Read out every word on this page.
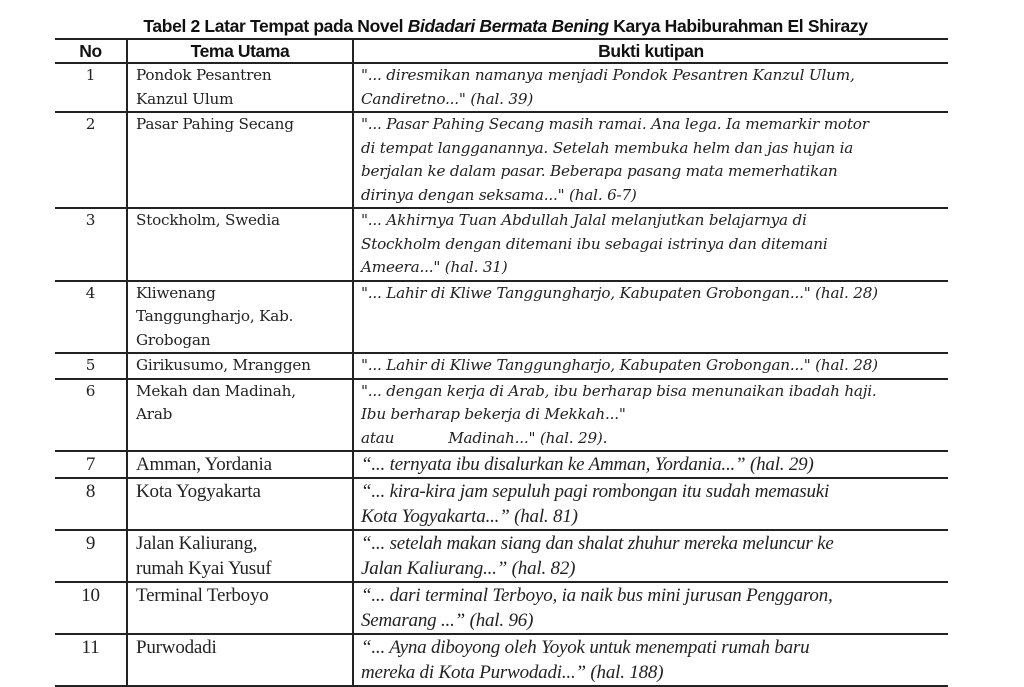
Tabel 2 Latar Tempat pada Novel Bidadari Bermata Bening Karya Habiburahman El Shirazy
No	Tema Utama	Bukti kutipan
1	Pondok Pesantren
Kanzul Ulum	"... diresmikan namanya menjadi Pondok Pesantren Kanzul Ulum,
Candiretno..." (hal. 39)

2	Pasar Pahing Secang	"... Pasar Pahing Secang masih ramai. Ana lega. Ia memarkir motor
di tempat langganannya. Setelah membuka helm dan jas hujan ia
berjalan ke dalam pasar. Beberapa pasang mata memerhatikan
dirinya dengan seksama..." (hal. 6-7)

3	Stockholm, Swedia	"... Akhirnya Tuan Abdullah Jalal melanjutkan belajarnya di
Stockholm dengan ditemani ibu sebagai istrinya dan ditemani
Ameera..." (hal. 31)

4	Kliwenang
Tanggungharjo, Kab.
Grobogan	"... Lahir di Kliwe Tanggungharjo, Kabupaten Grobongan..." (hal. 28)

5	Girikusumo, Mranggen	"... Lahir di Kliwe Tanggungharjo, Kabupaten Grobongan..." (hal. 28)

6	Mekah dan Madinah,
Arab	"... dengan kerja di Arab, ibu berharap bisa menunaikan ibadah haji.
Ibu berharap bekerja di Mekkah..."
atau Madinah..." (hal. 29).

7	Amman, Yordania	“... ternyata ibu disalurkan ke Amman, Yordania...” (hal. 29)

8	Kota Yogyakarta	“... kira-kira jam sepuluh pagi rombongan itu sudah memasuki
Kota Yogyakarta...” (hal. 81)

9	Jalan Kaliurang,
rumah Kyai Yusuf	“... setelah makan siang dan shalat zhuhur mereka meluncur ke
Jalan Kaliurang...” (hal. 82)

10	Terminal Terboyo	“... dari terminal Terboyo, ia naik bus mini jurusan Penggaron,
Semarang ...” (hal. 96)

11	Purwodadi	“... Ayna diboyong oleh Yoyok untuk menempati rumah baru
mereka di Kota Purwodadi...” (hal. 188)
